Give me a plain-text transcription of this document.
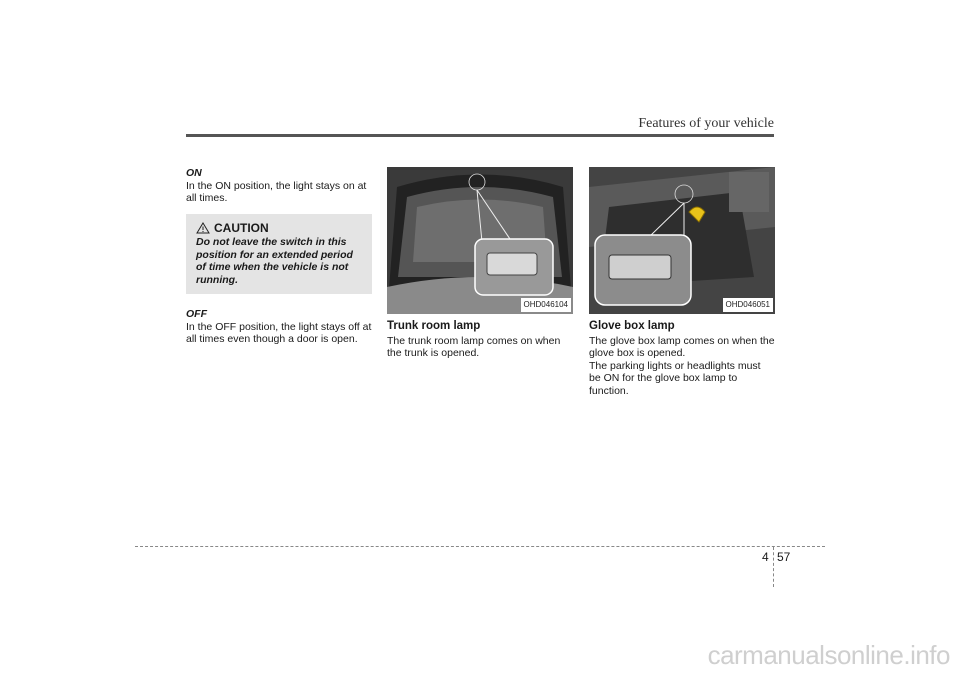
Features of your vehicle
ON

In the ON position, the light stays on at all times.

CAUTION
Do not leave the switch in this position for an extended period of time when the vehicle is not running.
OFF

In the OFF position, the light stays off at all times even though a door is open.

OHD046104
Trunk room lamp

The trunk room lamp comes on when the trunk is opened.

OHD046051
Glove box lamp

The glove box lamp comes on when the glove box is opened.

The parking lights or headlights must be ON for the glove box lamp to function.

4 57
carmanualsonline.info
